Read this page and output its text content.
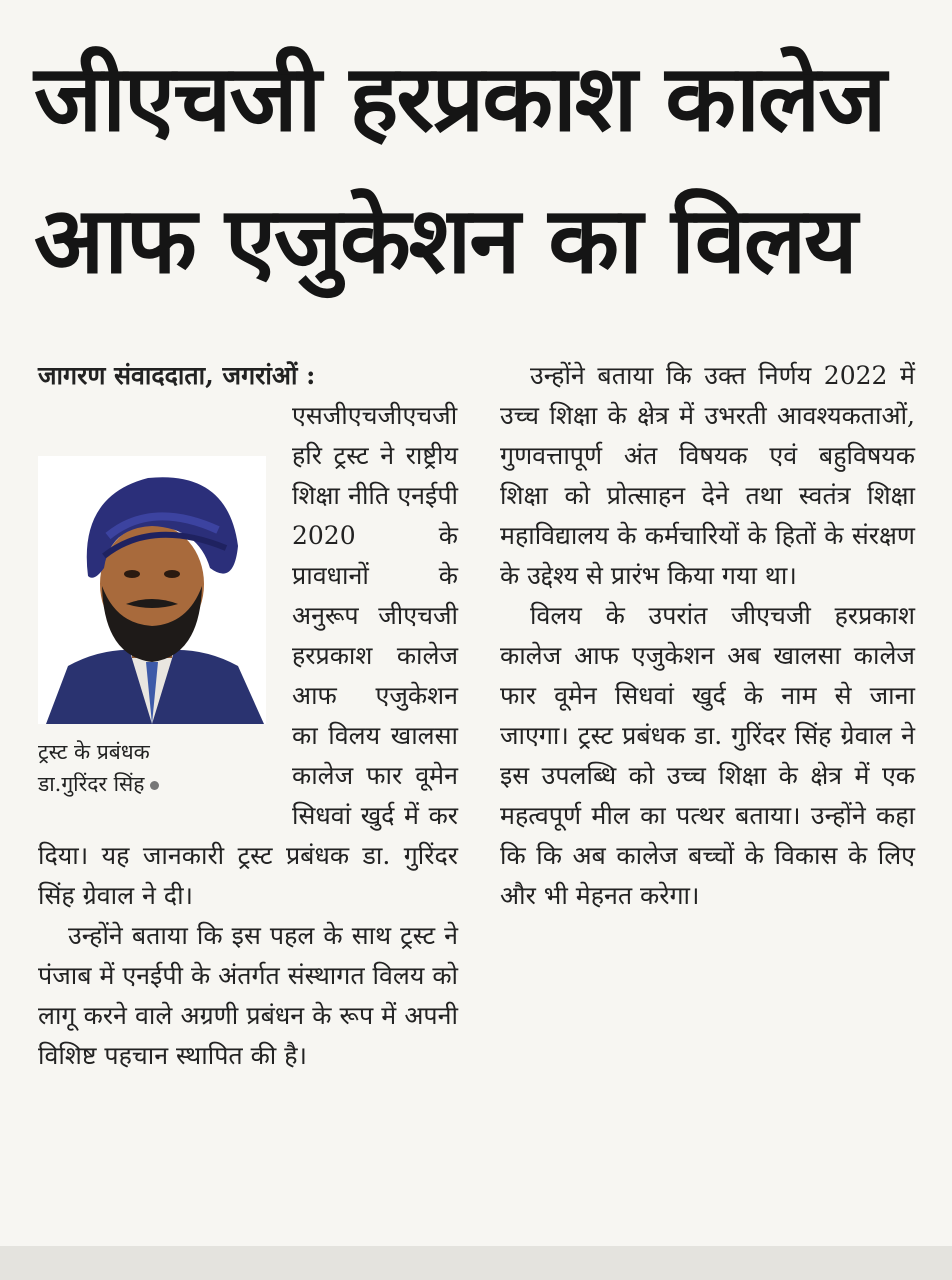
जीएचजी हरप्रकाश कालेज आफ एजुकेशन का विलय

जागरण संवाददाता, जगरांओं :

ट्रस्ट के प्रबंधक
डा.गुरिंदर सिंह

एसजीएचजीएचजी हरि ट्रस्ट ने राष्ट्रीय शिक्षा नीति एनईपी 2020 के प्रावधानों के अनुरूप जीएचजी हरप्रकाश कालेज आफ एजुकेशन का विलय खालसा कालेज फार वूमेन सिधवां खुर्द में कर दिया। यह जानकारी ट्रस्ट प्रबंधक डा. गुरिंदर सिंह ग्रेवाल ने दी।

उन्होंने बताया कि इस पहल के साथ ट्रस्ट ने पंजाब में एनईपी के अंतर्गत संस्थागत विलय को लागू करने वाले अग्रणी प्रबंधन के रूप में अपनी विशिष्ट पहचान स्थापित की है।

उन्होंने बताया कि उक्त निर्णय 2022 में उच्च शिक्षा के क्षेत्र में उभरती आवश्यकताओं, गुणवत्तापूर्ण अंत विषयक एवं बहुविषयक शिक्षा को प्रोत्साहन देने तथा स्वतंत्र शिक्षा महाविद्यालय के कर्मचारियों के हितों के संरक्षण के उद्देश्य से प्रारंभ किया गया था।

विलय के उपरांत जीएचजी हरप्रकाश कालेज आफ एजुकेशन अब खालसा कालेज फार वूमेन सिधवां खुर्द के नाम से जाना जाएगा। ट्रस्ट प्रबंधक डा. गुरिंदर सिंह ग्रेवाल ने इस उपलब्धि को उच्च शिक्षा के क्षेत्र में एक महत्वपूर्ण मील का पत्थर बताया। उन्होंने कहा कि कि अब कालेज बच्चों के विकास के लिए और भी मेहनत करेगा।
